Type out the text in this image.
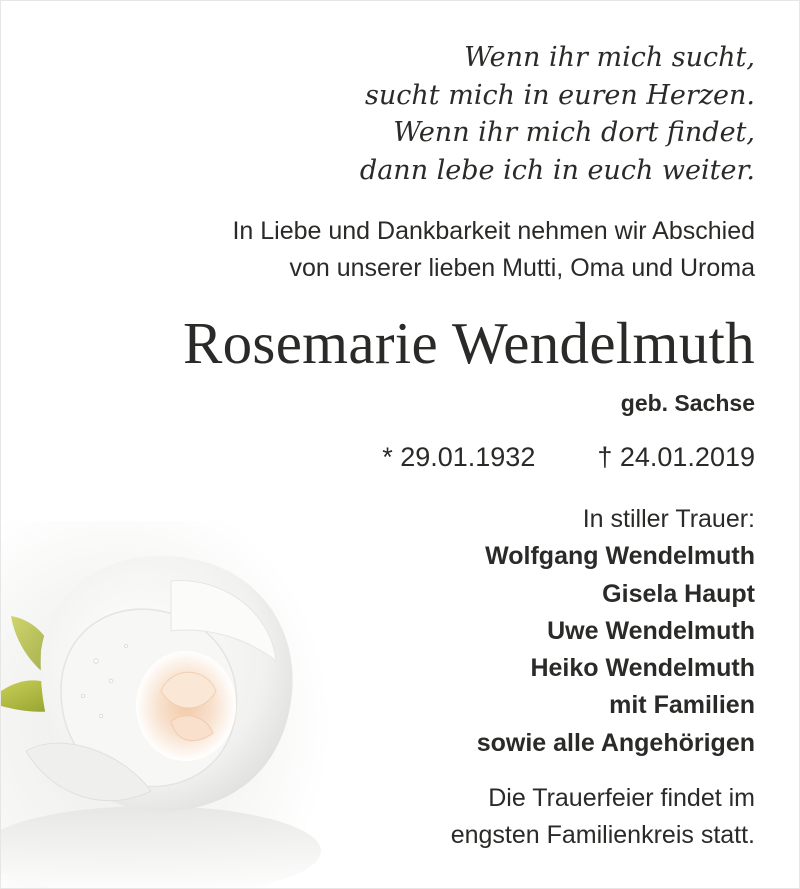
Wenn ihr mich sucht,
sucht mich in euren Herzen.
Wenn ihr mich dort findet,
dann lebe ich in euch weiter.
In Liebe und Dankbarkeit nehmen wir Abschied
von unserer lieben Mutti, Oma und Uroma
Rosemarie Wendelmuth
geb. Sachse
* 29.01.1932 † 24.01.2019
In stiller Trauer:
Wolfgang Wendelmuth
Gisela Haupt
Uwe Wendelmuth
Heiko Wendelmuth
mit Familien
sowie alle Angehörigen
Die Trauerfeier findet im
engsten Familienkreis statt.
